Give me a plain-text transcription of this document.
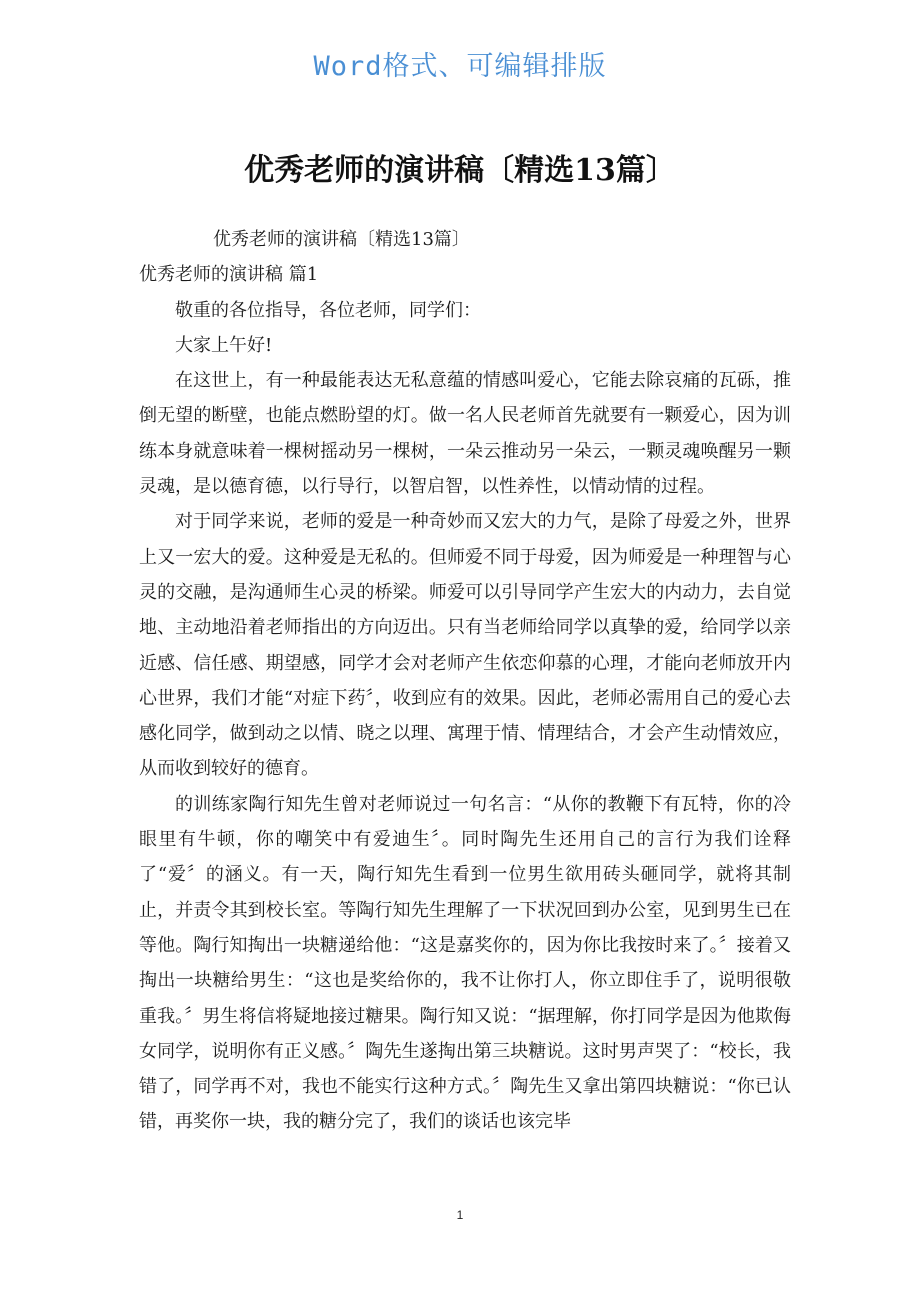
Word格式、可编辑排版
优秀老师的演讲稿〔精选13篇〕

优秀老师的演讲稿〔精选13篇〕

优秀老师的演讲稿 篇1

敬重的各位指导，各位老师，同学们：

大家上午好!

在这世上，有一种最能表达无私意蕴的情感叫爱心，它能去除哀痛的瓦砾，推倒无望的断壁，也能点燃盼望的灯。做一名人民老师首先就要有一颗爱心，因为训练本身就意味着一棵树摇动另一棵树，一朵云推动另一朵云，一颗灵魂唤醒另一颗灵魂，是以德育德，以行导行，以智启智，以性养性，以情动情的过程。

对于同学来说，老师的爱是一种奇妙而又宏大的力气，是除了母爱之外，世界上又一宏大的爱。这种爱是无私的。但师爱不同于母爱，因为师爱是一种理智与心灵的交融，是沟通师生心灵的桥梁。师爱可以引导同学产生宏大的内动力，去自觉地、主动地沿着老师指出的方向迈出。只有当老师给同学以真挚的爱，给同学以亲近感、信任感、期望感，同学才会对老师产生依恋仰慕的心理，才能向老师放开内心世界，我们才能“对症下药〞，收到应有的效果。因此，老师必需用自己的爱心去感化同学，做到动之以情、晓之以理、寓理于情、情理结合，才会产生动情效应，从而收到较好的德育。

的训练家陶行知先生曾对老师说过一句名言：“从你的教鞭下有瓦特，你的冷眼里有牛顿，你的嘲笑中有爱迪生〞。同时陶先生还用自己的言行为我们诠释了“爱〞的涵义。有一天，陶行知先生看到一位男生欲用砖头砸同学，就将其制止，并责令其到校长室。等陶行知先生理解了一下状况回到办公室，见到男生已在等他。陶行知掏出一块糖递给他：“这是嘉奖你的，因为你比我按时来了。〞接着又掏出一块糖给男生：“这也是奖给你的，我不让你打人，你立即住手了，说明很敬重我。〞男生将信将疑地接过糖果。陶行知又说：“据理解，你打同学是因为他欺侮女同学，说明你有正义感。〞陶先生遂掏出第三块糖说。这时男声哭了：“校长，我错了，同学再不对，我也不能实行这种方式。〞陶先生又拿出第四块糖说：“你已认错，再奖你一块，我的糖分完了，我们的谈话也该完毕

1
